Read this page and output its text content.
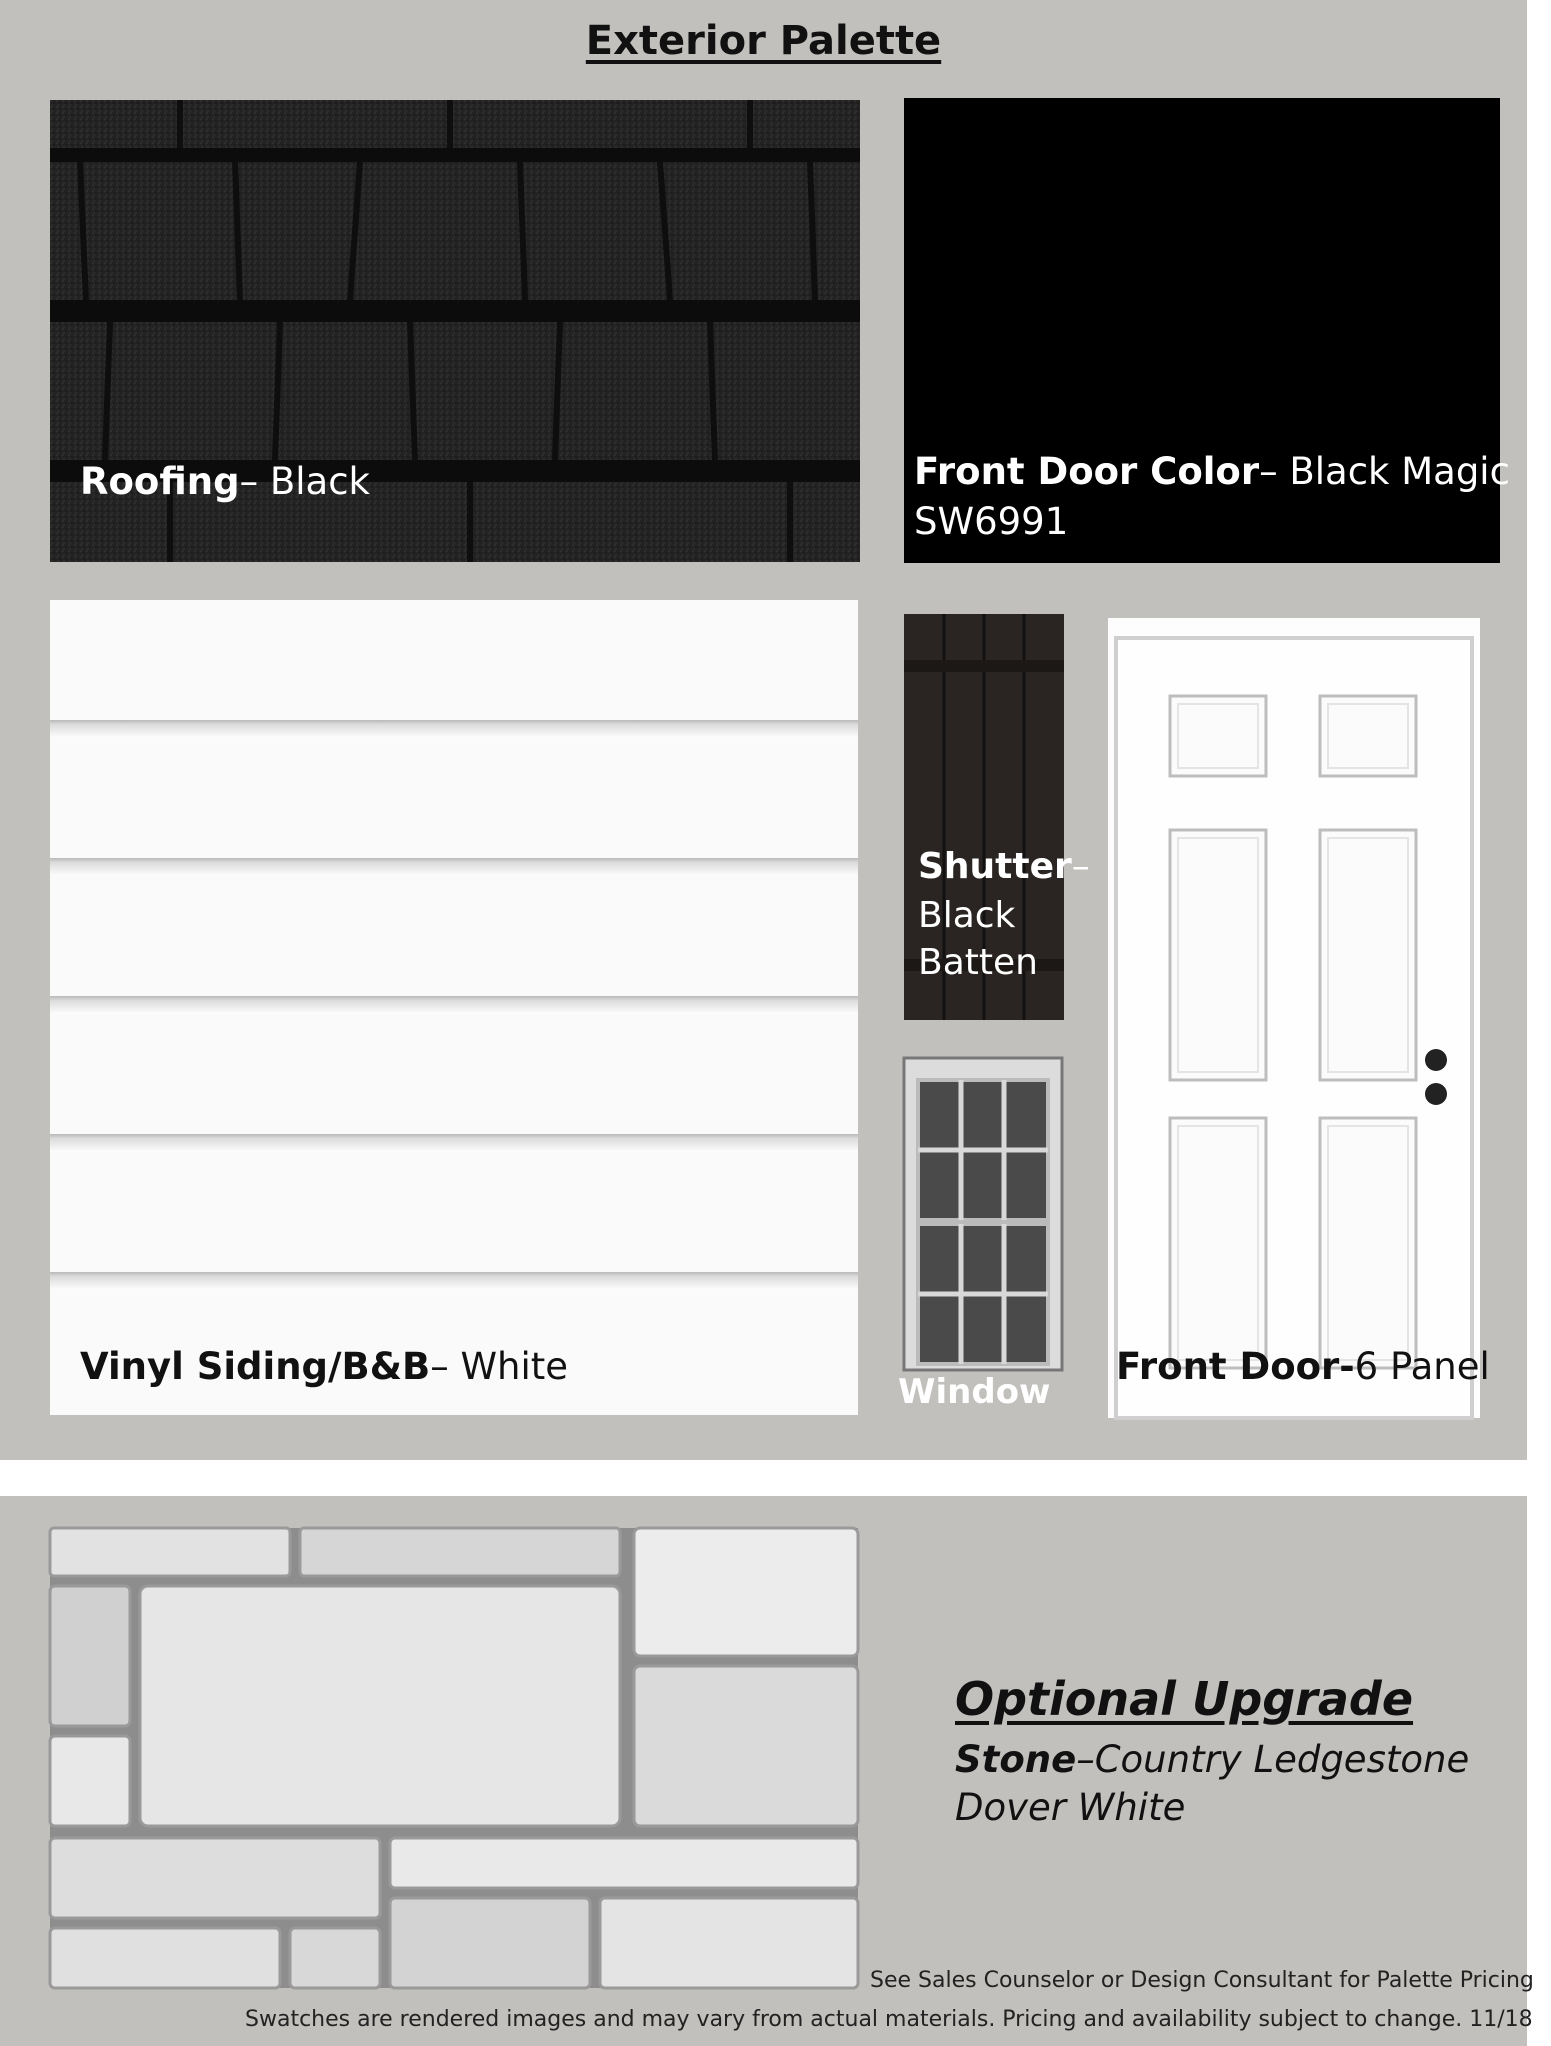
Exterior Palette
Roofing– Black	Front Door Color– Black Magic
SW6991
Vinyl Siding/B&B– White
Shutter–
Black
Batten
Window
Front Door-6 Panel
Optional Upgrade
Stone–Country Ledgestone
Dover White
See Sales Counselor or Design Consultant for Palette Pricing
Swatches are rendered images and may vary from actual materials. Pricing and availability subject to change. 11/18
